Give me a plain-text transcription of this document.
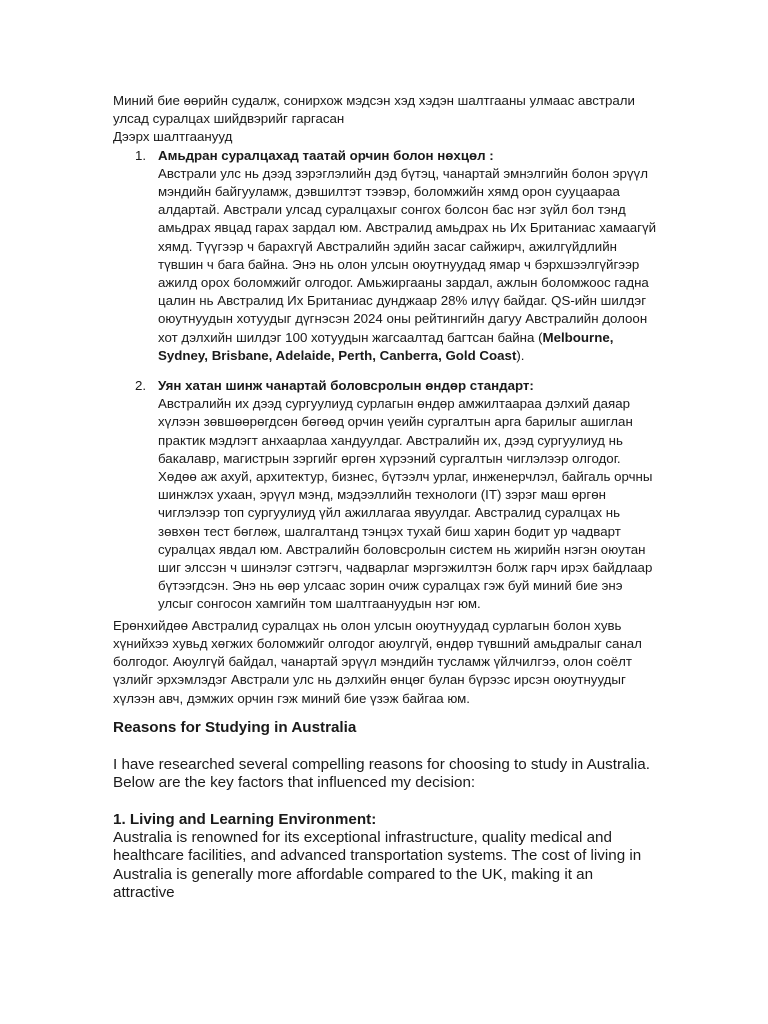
Миний бие өөрийн судалж, сонирхож мэдсэн хэд хэдэн шалтгааны улмаас австрали улсад суралцах шийдвэрийг гаргасан

Дээрх шалтгаанууд

1. Амьдран суралцахад таатай орчин болон нөхцөл :
Австрали улс нь дээд зэрэглэлийн дэд бүтэц, чанартай эмнэлгийн болон эрүүл мэндийн байгууламж, дэвшилтэт тээвэр, боломжийн хямд орон сууцаараа алдартай. Австрали улсад суралцахыг сонгох болсон бас нэг зүйл бол тэнд амьдрах явцад гарах зардал юм. Австралид амьдрах нь Их Британиас хамаагүй хямд. Түүгээр ч барахгүй Австралийн эдийн засаг сайжирч, ажилгүйдлийн түвшин ч бага байна. Энэ нь олон улсын оюутнуудад ямар ч бэрхшээлгүйгээр ажилд орох боломжийг олгодог. Амьжиргааны зардал, ажлын боломжоос гадна цалин нь Австралид Их Британиас дунджаар 28% илүү байдаг. QS-ийн шилдэг оюутнуудын хотуудыг дүгнэсэн 2024 оны рейтингийн дагуу Австралийн долоон хот дэлхийн шилдэг 100 хотуудын жагсаалтад багтсан байна (Melbourne, Sydney, Brisbane, Adelaide, Perth, Canberra, Gold Coast).
2. Уян хатан шинж чанартай боловсролын өндөр стандарт:
Австралийн их дээд сургуулиуд сурлагын өндөр амжилтаараа дэлхий даяар хүлээн зөвшөөрөгдсөн бөгөөд орчин үеийн сургалтын арга барилыг ашиглан практик мэдлэгт анхаарлаа хандуулдаг. Австралийн их, дээд сургуулиуд нь бакалавр, магистрын зэргийг өргөн хүрээний сургалтын чиглэлээр олгодог. Хөдөө аж ахуй, архитектур, бизнес, бүтээлч урлаг, инженерчлэл, байгаль орчны шинжлэх ухаан, эрүүл мэнд, мэдээллийн технологи (IT) зэрэг маш өргөн чиглэлээр топ сургуулиуд үйл ажиллагаа явуулдаг. Австралид суралцах нь зөвхөн тест бөглөж, шалгалтанд тэнцэх тухай биш харин бодит ур чадварт суралцах явдал юм. Австралийн боловсролын систем нь жирийн нэгэн оюутан шиг элссэн ч шинэлэг сэтгэгч, чадварлаг мэргэжилтэн болж гарч ирэх байдлаар бүтээгдсэн. Энэ нь өөр улсаас зорин очиж суралцах гэж буй миний бие энэ улсыг сонгосон хамгийн том шалтгаануудын нэг юм.

Ерөнхийдөө Австралид суралцах нь олон улсын оюутнуудад сурлагын болон хувь хүнийхээ хувьд хөгжих боломжийг олгодог аюулгүй, өндөр түвшний амьдралыг санал болгодог. Аюулгүй байдал, чанартай эрүүл мэндийн тусламж үйлчилгээ, олон соёлт үзлийг эрхэмлэдэг Австрали улс нь дэлхийн өнцөг булан бүрээс ирсэн оюутнуудыг хүлээн авч, дэмжих орчин гэж миний бие үзэж байгаа юм.

Reasons for Studying in Australia

I have researched several compelling reasons for choosing to study in Australia. Below are the key factors that influenced my decision:

1. Living and Learning Environment:

Australia is renowned for its exceptional infrastructure, quality medical and healthcare facilities, and advanced transportation systems. The cost of living in Australia is generally more affordable compared to the UK, making it an attractive
